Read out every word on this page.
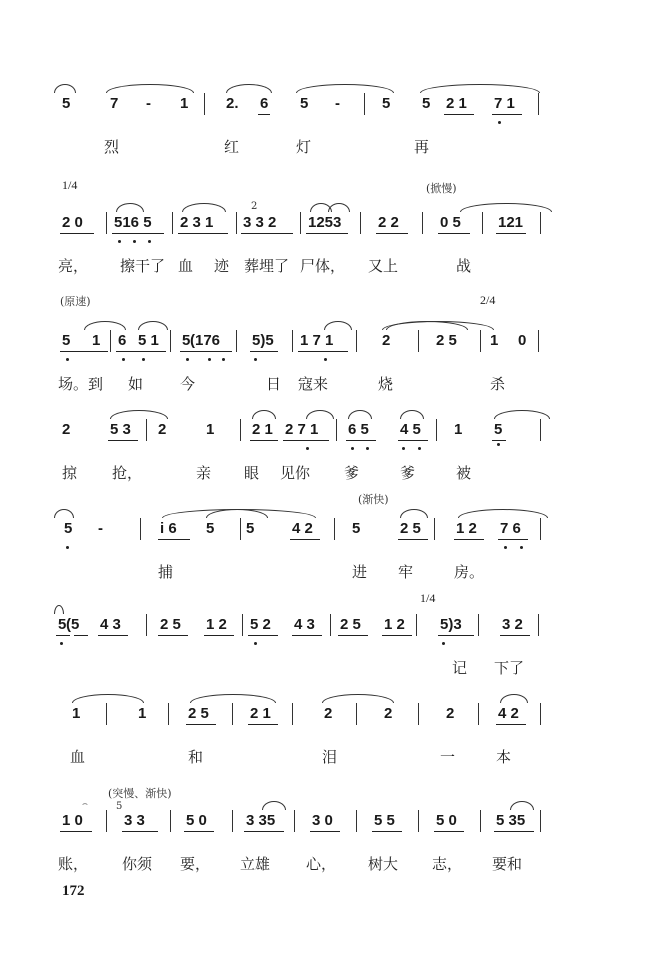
5	7 - 1	2. 6 5 -	5 5 2 1 7 1
烈	红	灯	再
2 0 516 5 2 3 1 3 3 2 1253 2 2	0 5 121
亮， 擦干了 血 迹 葬埋了 尸体， 又上	战
(掀慢)
2
1/4
5 1 6 5 1 5 (176 5)5 1 7 1	2	2 5 1 0
场。到 如 今	日 寇来	烧	杀
(原速)	2/4
2	5 3 2	1	2 1 2 7 1 6 5 4 5 1 5
掠 抢，	亲 眼 见你 爹	爹	被
5 -	i 6 5 5	4 2	5	2 5 1 2 7 6
捕	进 牢	房。
(渐快)
5 (5 4 3	2 5 1 2 5 2 4 3 2 5 1 2 5)3	3 2
记 下了
1/4
1	1	2 5	2 1	2	2	2	4 2
血	和	泪	一	本
1 0	3 3	5 0	3 35 3 0	5 5	5 0	5 35
账， 你须 要， 立雄 心， 树大 志， 要和
(突慢、渐快)
5
⌢
172
